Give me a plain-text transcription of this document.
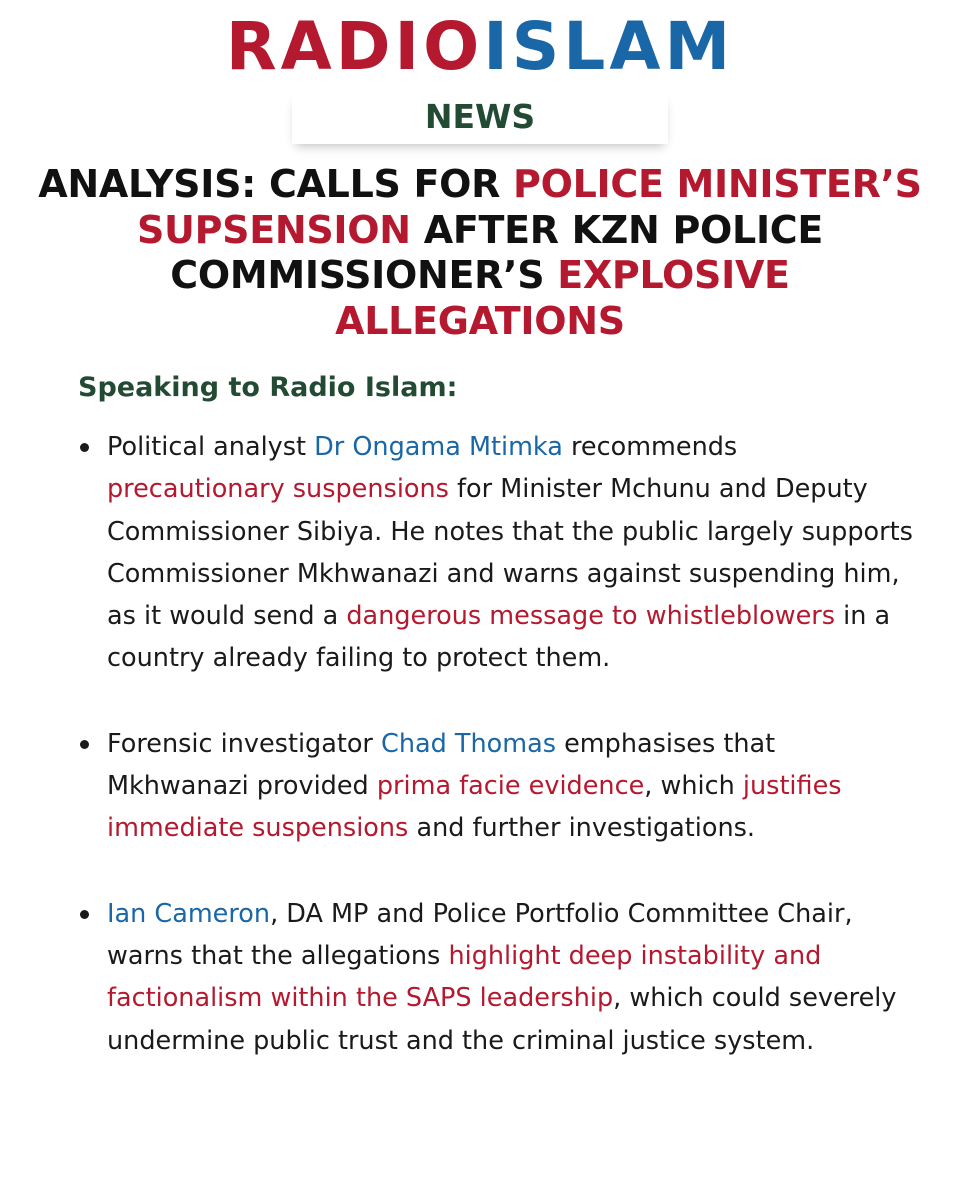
RADIOISLAM
NEWS
ANALYSIS: CALLS FOR POLICE MINISTER’S SUPSENSION AFTER KZN POLICE COMMISSIONER’S EXPLOSIVE ALLEGATIONS
Speaking to Radio Islam:
Political analyst Dr Ongama Mtimka recommends precautionary suspensions for Minister Mchunu and Deputy Commissioner Sibiya. He notes that the public largely supports Commissioner Mkhwanazi and warns against suspending him, as it would send a dangerous message to whistleblowers in a country already failing to protect them.
Forensic investigator Chad Thomas emphasises that Mkhwanazi provided prima facie evidence, which justifies immediate suspensions and further investigations.
Ian Cameron, DA MP and Police Portfolio Committee Chair, warns that the allegations highlight deep instability and factionalism within the SAPS leadership, which could severely undermine public trust and the criminal justice system.
